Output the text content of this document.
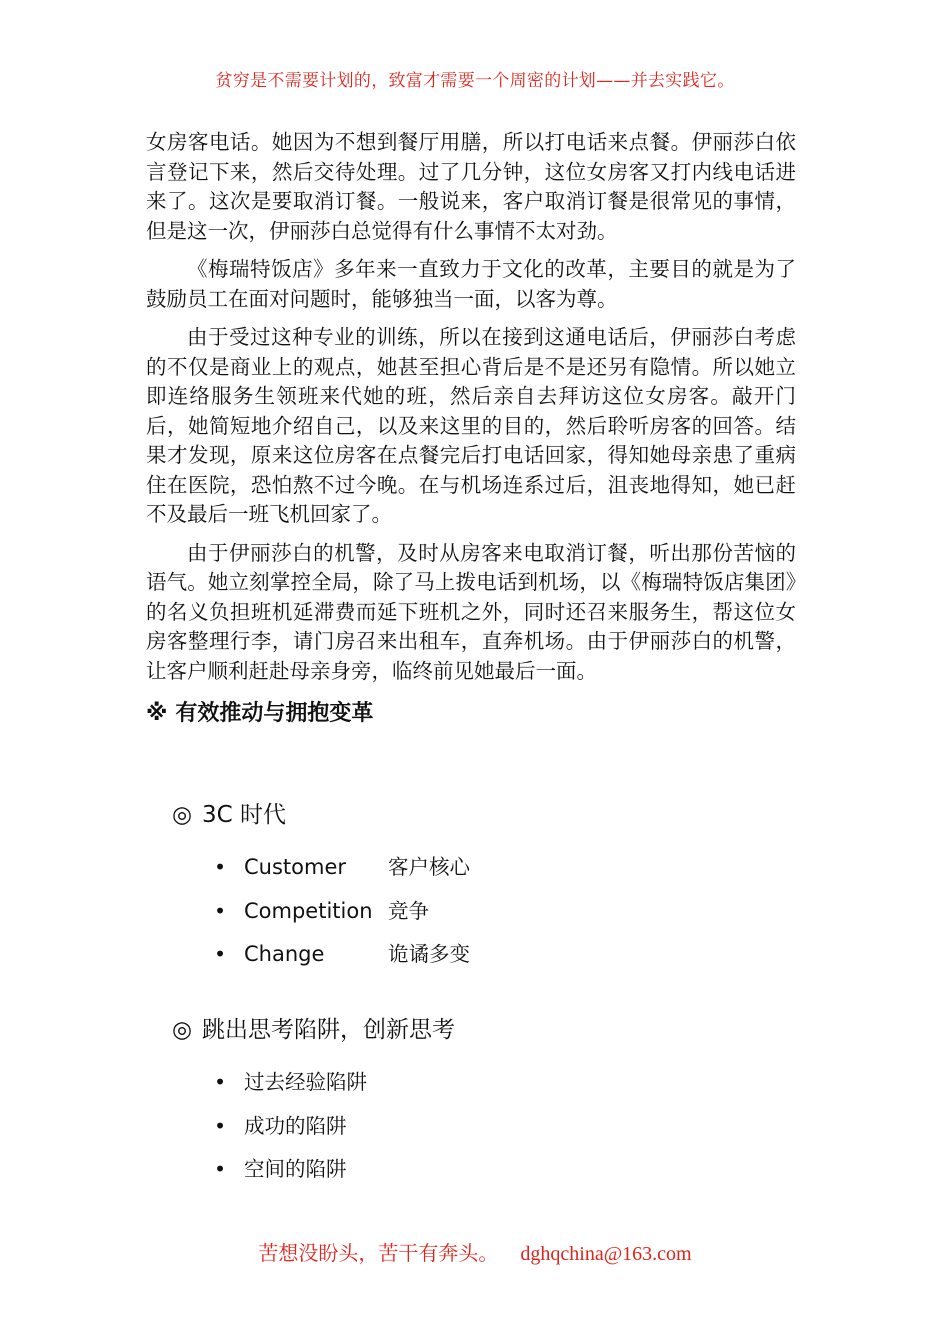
贫穷是不需要计划的，致富才需要一个周密的计划——并去实践它。

女房客电话。她因为不想到餐厅用膳，所以打电话来点餐。伊丽莎白依言登记下来，然后交待处理。过了几分钟，这位女房客又打内线电话进来了。这次是要取消订餐。一般说来，客户取消订餐是很常见的事情，但是这一次，伊丽莎白总觉得有什么事情不太对劲。

《梅瑞特饭店》多年来一直致力于文化的改革，主要目的就是为了鼓励员工在面对问题时，能够独当一面，以客为尊。

由于受过这种专业的训练，所以在接到这通电话后，伊丽莎白考虑的不仅是商业上的观点，她甚至担心背后是不是还另有隐情。所以她立即连络服务生领班来代她的班，然后亲自去拜访这位女房客。敲开门后，她简短地介绍自己，以及来这里的目的，然后聆听房客的回答。结果才发现，原来这位房客在点餐完后打电话回家，得知她母亲患了重病住在医院，恐怕熬不过今晚。在与机场连系过后，沮丧地得知，她已赶不及最后一班飞机回家了。

由于伊丽莎白的机警，及时从房客来电取消订餐，听出那份苦恼的语气。她立刻掌控全局，除了马上拨电话到机场，以《梅瑞特饭店集团》的名义负担班机延滞费而延下班机之外，同时还召来服务生，帮这位女房客整理行李，请门房召来出租车，直奔机场。由于伊丽莎白的机警，让客户顺利赶赴母亲身旁，临终前见她最后一面。

※ 有效推动与拥抱变革
◎ 3C 时代
• Customer	客户核心
• Competition 竞争
• Change	诡谲多变
◎ 跳出思考陷阱，创新思考
• 过去经验陷阱
• 成功的陷阱
• 空间的陷阱
苦想没盼头，苦干有奔头。 dghqchina@163.com
